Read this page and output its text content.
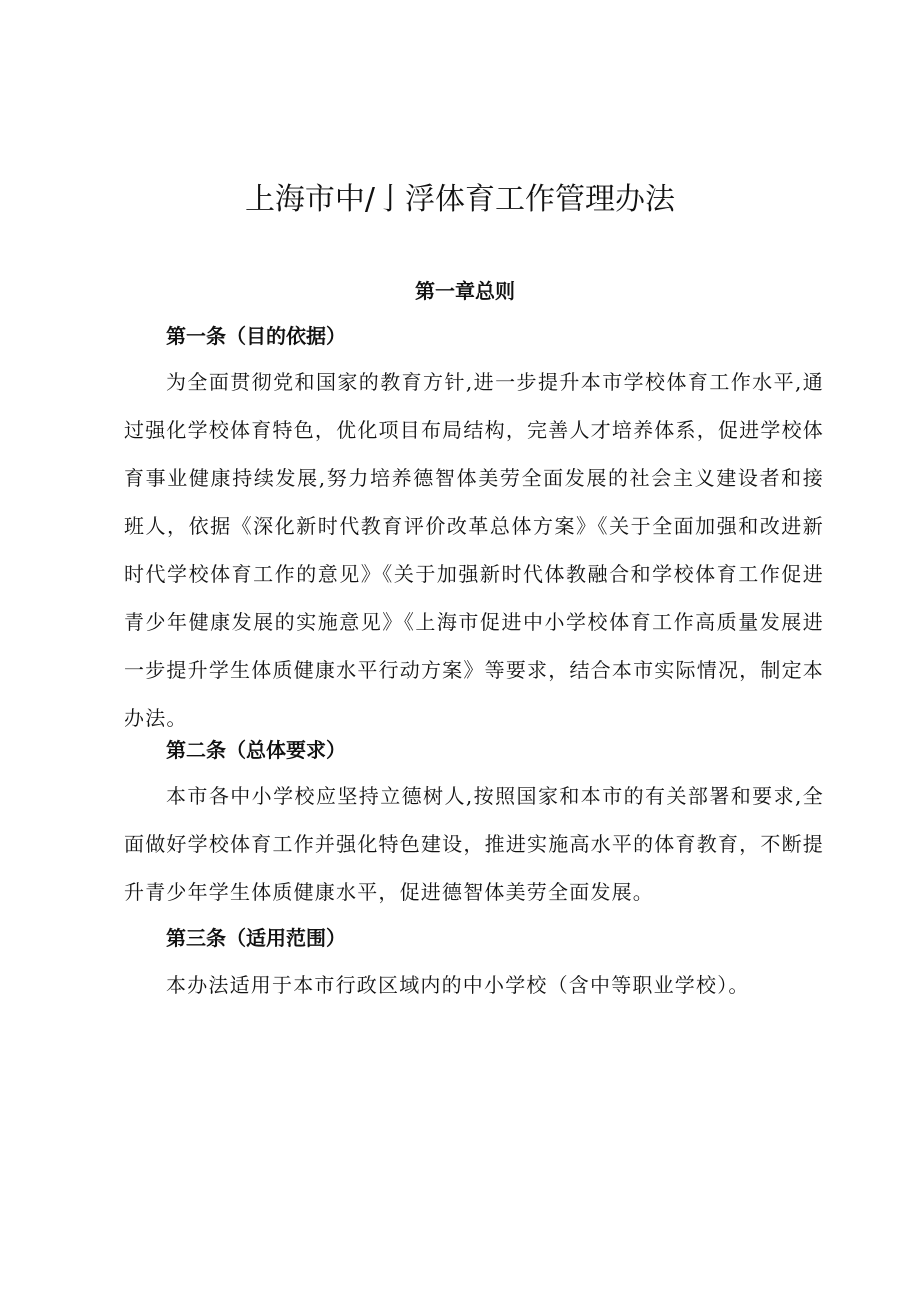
上海市中/亅浮体育工作管理办法
第一章总则
第一条（目的依据）
为全面贯彻党和国家的教育方针,进一步提升本市学校体育工作水平,通过强化学校体育特色，优化项目布局结构，完善人才培养体系，促进学校体育事业健康持续发展,努力培养德智体美劳全面发展的社会主义建设者和接班人，依据《深化新时代教育评价改革总体方案》《关于全面加强和改进新时代学校体育工作的意见》《关于加强新时代体教融合和学校体育工作促进青少年健康发展的实施意见》《上海市促进中小学校体育工作高质量发展进一步提升学生体质健康水平行动方案》等要求，结合本市实际情况，制定本办法。
第二条（总体要求）
本市各中小学校应坚持立德树人,按照国家和本市的有关部署和要求,全面做好学校体育工作并强化特色建设，推进实施高水平的体育教育，不断提升青少年学生体质健康水平，促进德智体美劳全面发展。
第三条（适用范围）
本办法适用于本市行政区域内的中小学校（含中等职业学校）。
